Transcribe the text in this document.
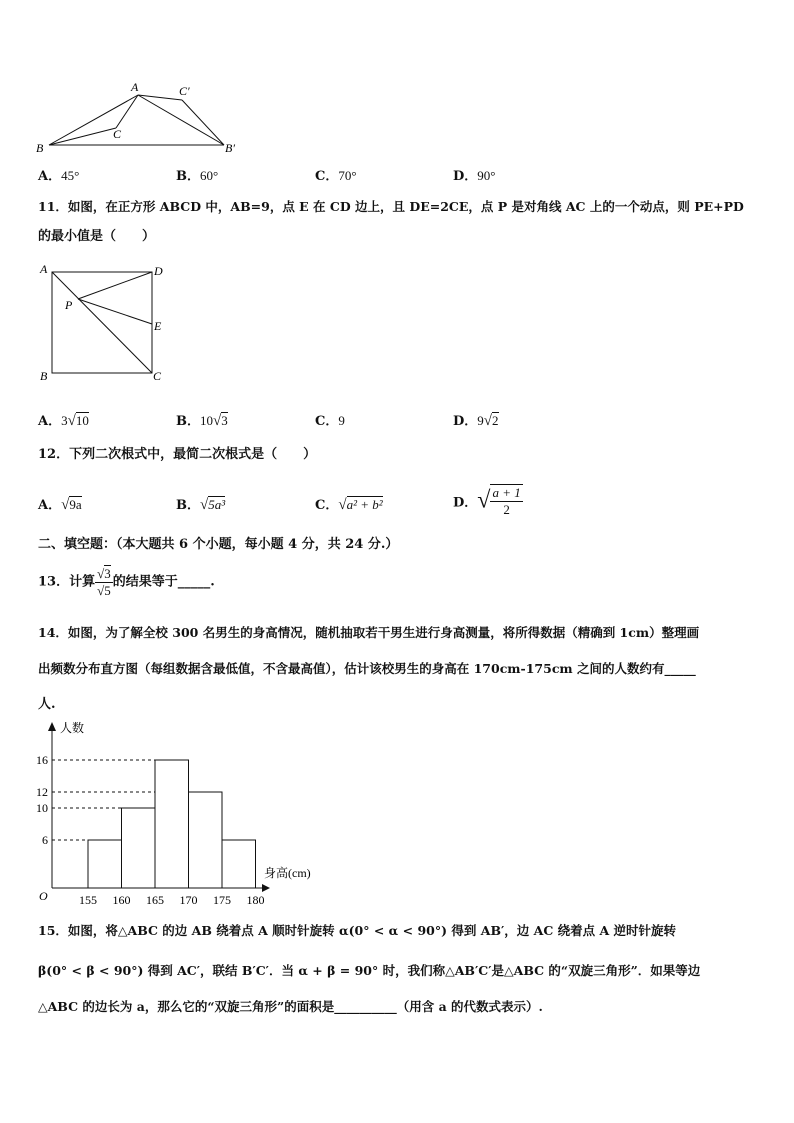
A	C′
B
C
B′
A．45°	B．60°	C．70°	D．90°
11．如图，在正方形 ABCD 中，AB=9，点 E 在 CD 边上，且 DE=2CE，点 P 是对角线 AC 上的一个动点，则 PE+PD
的最小值是（　　）
A	D
P
E
B	C
A．3√10	B．10√3	C．9	D．9√2
12．下列二次根式中，最简二次根式是（　　）
A．√9a	B．√5a³	C．√a² + b²	D．√ $\frac{a + 1}{2}$
二、填空题：（本大题共 6 个小题，每小题 4 分，共 24 分.）
13．计算 $\frac{√3}{√5}$ 的结果等于_____.
14．如图，为了解全校 300 名男生的身高情况，随机抽取若干男生进行身高测量，将所得数据（精确到 1cm）整理画
出频数分布直方图（每组数据含最低值，不含最高值），估计该校男生的身高在 170cm-175cm 之间的人数约有_____
人.
6
10
12
16
155 160 165 170 175 180
人数
身高(cm)
O
15．如图，将△ABC 的边 AB 绕着点 A 顺时针旋转 α(0° < α < 90°) 得到 AB′，边 AC 绕着点 A 逆时针旋转
β(0° < β < 90°) 得到 AC′，联结 B′C′．当 α + β = 90° 时，我们称△AB′C′是△ABC 的“双旋三角形”．如果等边
△ABC 的边长为 a，那么它的“双旋三角形”的面积是__________（用含 a 的代数式表示）.
